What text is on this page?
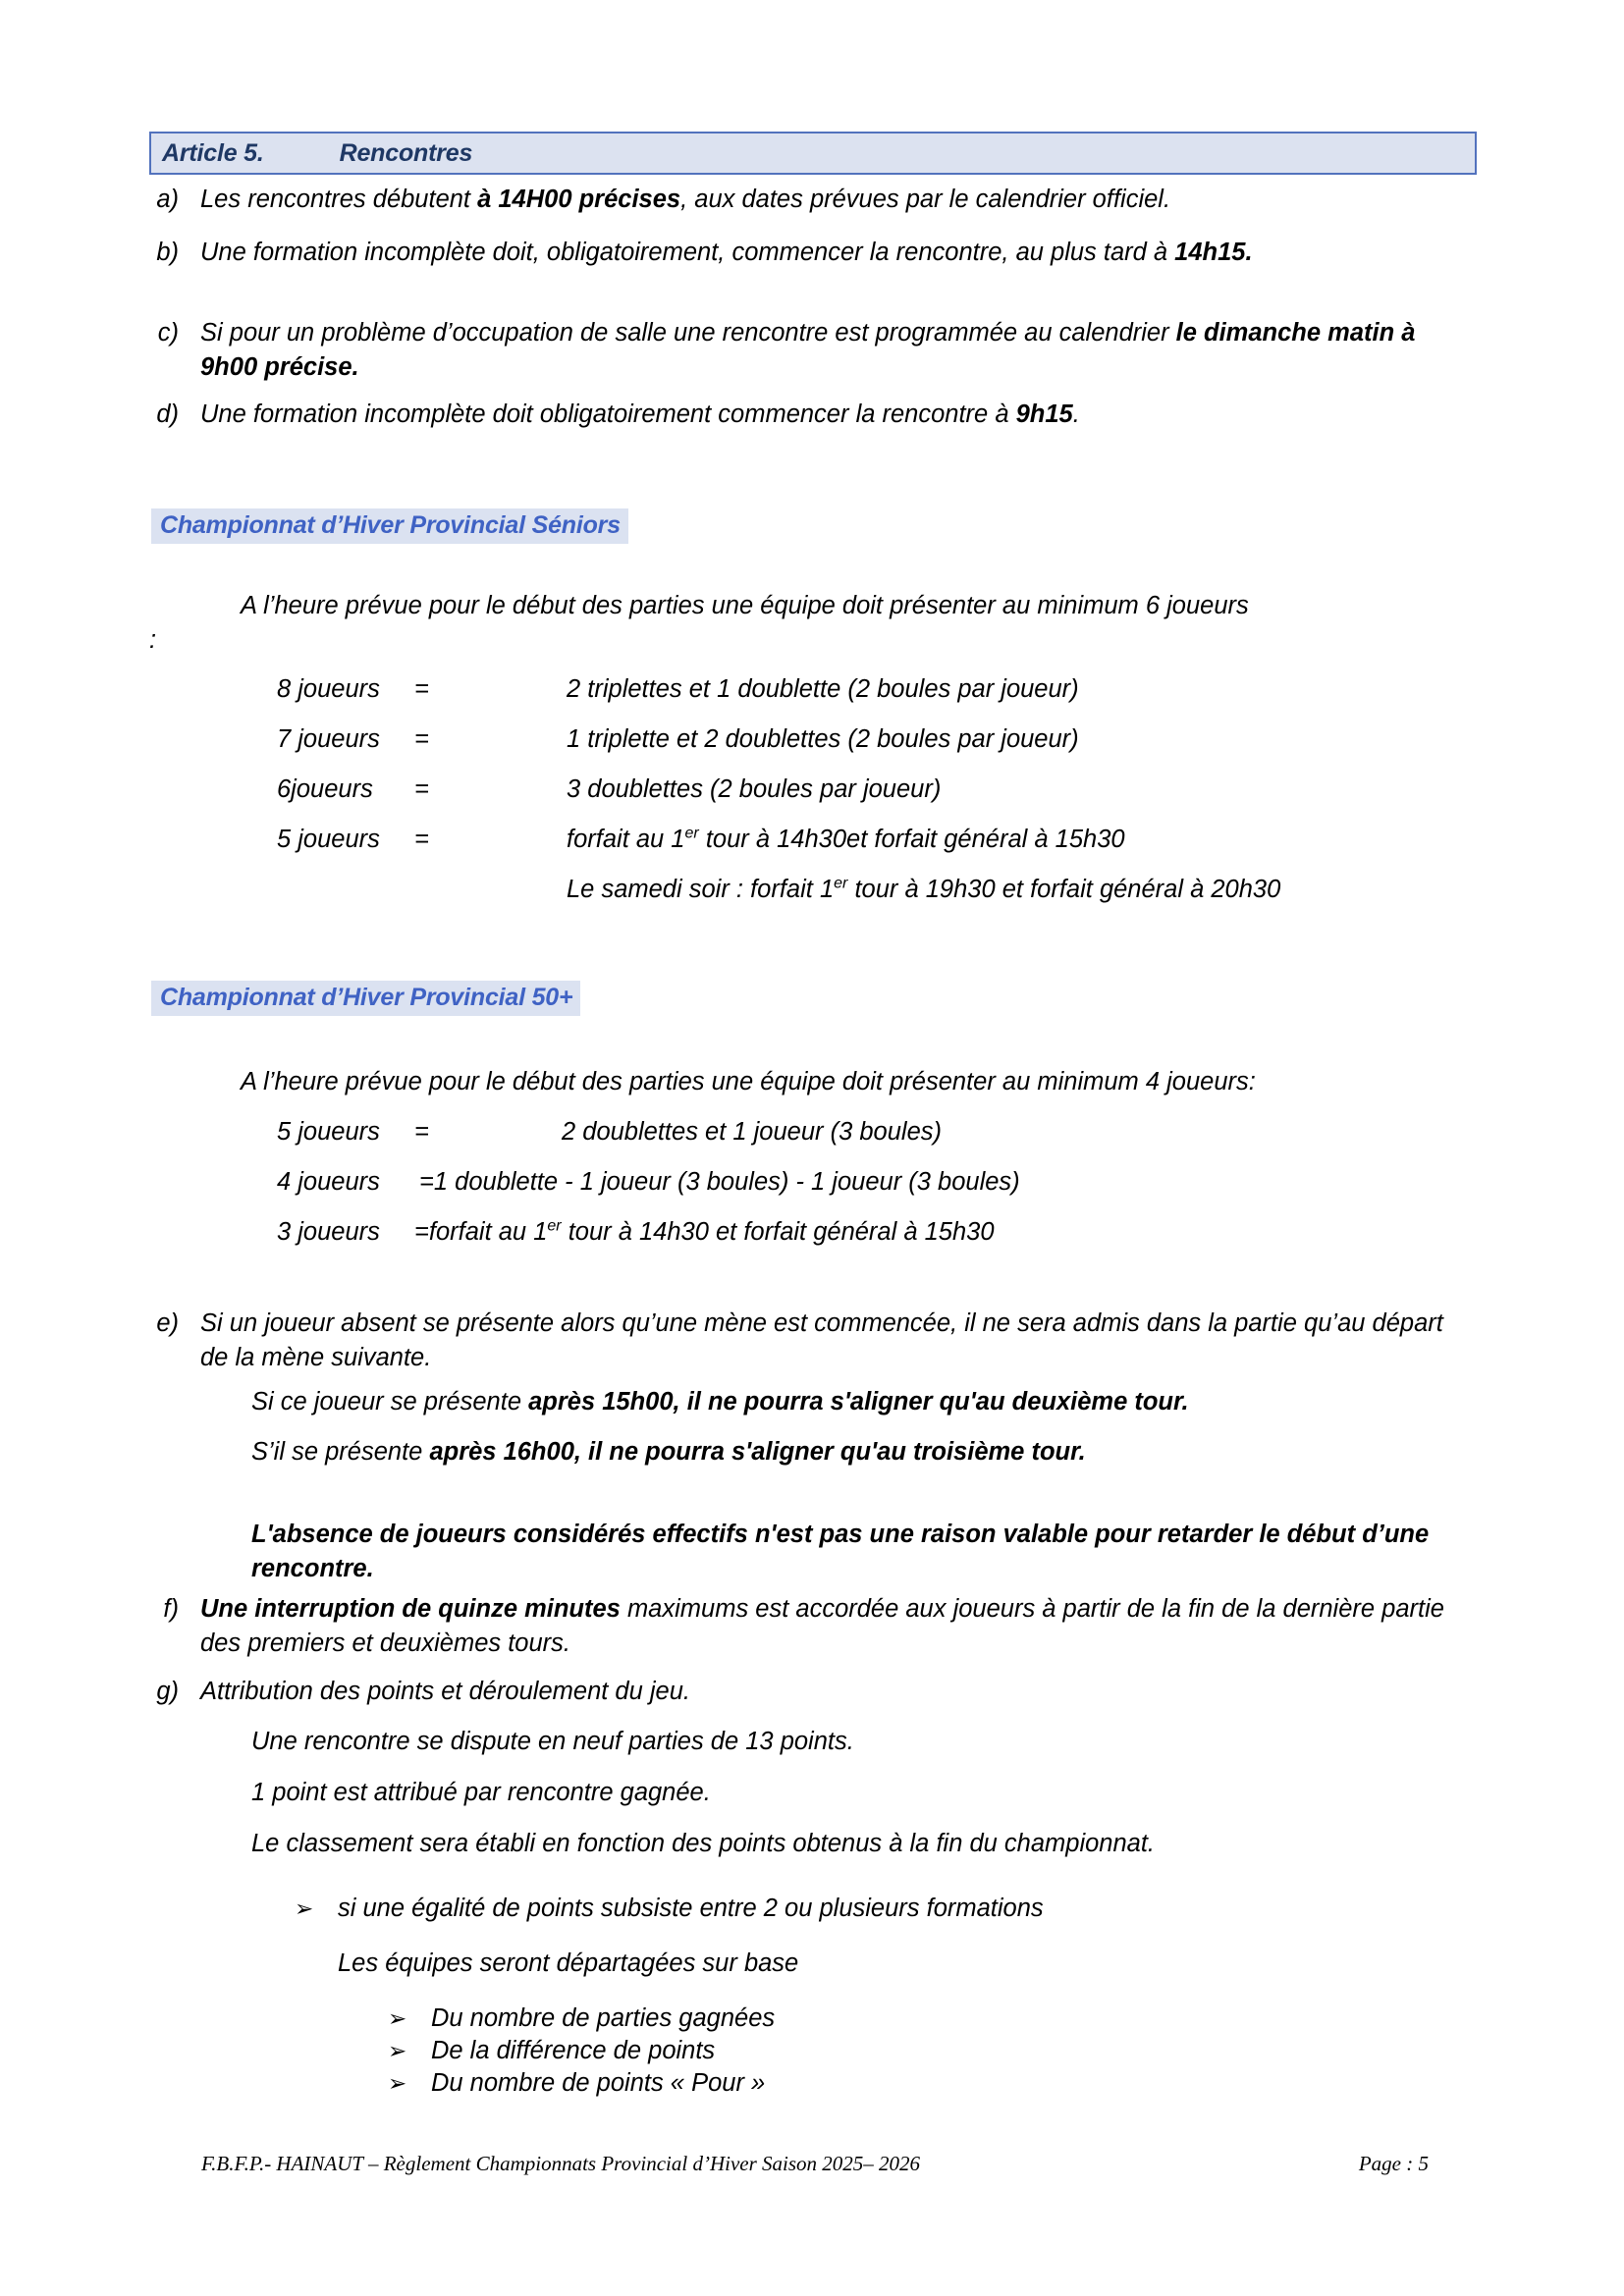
Article 5.	Rencontres
a) Les rencontres débutent à 14H00 précises, aux dates prévues par le calendrier officiel.
b) Une formation incomplète doit, obligatoirement, commencer la rencontre, au plus tard à 14h15.
c) Si pour un problème d’occupation de salle une rencontre est programmée au calendrier le dimanche matin à 9h00 précise.
d) Une formation incomplète doit obligatoirement commencer la rencontre à 9h15.
Championnat d’Hiver Provincial Séniors
A l’heure prévue pour le début des parties une équipe doit présenter au minimum 6 joueurs
:
8 joueurs =	2 triplettes et 1 doublette (2 boules par joueur)
7 joueurs =	1 triplette et 2 doublettes (2 boules par joueur)
6joueurs =	3 doublettes (2 boules par joueur)
5 joueurs =	forfait au 1er tour à 14h30et forfait général à 15h30
Le samedi soir : forfait 1er tour à 19h30 et forfait général à 20h30
Championnat d’Hiver Provincial 50+
A l’heure prévue pour le début des parties une équipe doit présenter au minimum 4 joueurs:
5 joueurs =	2 doublettes et 1 joueur (3 boules)
4 joueurs =1 doublette - 1 joueur (3 boules) - 1 joueur (3 boules)
3 joueurs =forfait au 1er tour à 14h30 et forfait général à 15h30
e) Si un joueur absent se présente alors qu’une mène est commencée, il ne sera admis dans la partie qu’au départ de la mène suivante.
Si ce joueur se présente après 15h00, il ne pourra s'aligner qu'au deuxième tour.
S’il se présente après 16h00, il ne pourra s'aligner qu'au troisième tour.
L'absence de joueurs considérés effectifs n'est pas une raison valable pour retarder le début d’une rencontre.
f) Une interruption de quinze minutes maximums est accordée aux joueurs à partir de la fin de la dernière partie des premiers et deuxièmes tours.
g) Attribution des points et déroulement du jeu.
Une rencontre se dispute en neuf parties de 13 points.
1 point est attribué par rencontre gagnée.
Le classement sera établi en fonction des points obtenus à la fin du championnat.
➢ si une égalité de points subsiste entre 2 ou plusieurs formations
Les équipes seront départagées sur base
➢ Du nombre de parties gagnées
➢ De la différence de points
➢ Du nombre de points « Pour »
F.B.F.P.- HAINAUT – Règlement Championnats Provincial d’Hiver Saison 2025– 2026	Page : 5
